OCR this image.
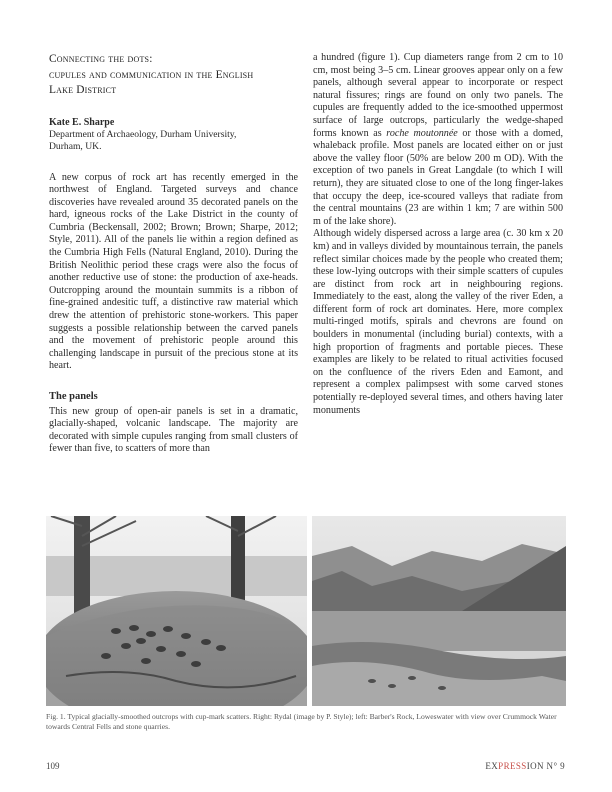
Connecting the dots:
cupules and communication in the English
Lake District

Kate E. Sharpe

Department of Archaeology, Durham University,
Durham, UK.

A new corpus of rock art has recently emerged in the northwest of England. Targeted surveys and chance discoveries have revealed around 35 decorated panels on the hard, igneous rocks of the Lake District in the county of Cumbria (Beckensall, 2002; Brown; Brown; Sharpe, 2012; Style, 2011). All of the panels lie within a region defined as the Cumbria High Fells (Natural England, 2010). During the British Neolithic period these crags were also the focus of another reductive use of stone: the production of axe-heads. Outcropping around the mountain summits is a ribbon of fine-grained andesitic tuff, a distinctive raw material which drew the attention of prehistoric stone-workers. This paper suggests a possible relationship between the carved panels and the movement of prehistoric people around this challenging landscape in pursuit of the precious stone at its heart.

The panels

This new group of open-air panels is set in a dramatic, glacially-shaped, volcanic landscape. The majority are decorated with simple cupules ranging from small clusters of fewer than five, to scatters of more than

a hundred (figure 1). Cup diameters range from 2 cm to 10 cm, most being 3–5 cm. Linear grooves appear only on a few panels, although several appear to incorporate or respect natural fissures; rings are found on only two panels. The cupules are frequently added to the ice-smoothed uppermost surface of large outcrops, particularly the wedge-shaped forms known as roche moutonnée or those with a domed, whaleback profile. Most panels are located either on or just above the valley floor (50% are below 200 m OD). With the exception of two panels in Great Langdale (to which I will return), they are situated close to one of the long finger-lakes that occupy the deep, ice-scoured valleys that radiate from the central mountains (23 are within 1 km; 7 are within 500 m of the lake shore).

Although widely dispersed across a large area (c. 30 km x 20 km) and in valleys divided by mountainous terrain, the panels reflect similar choices made by the people who created them; these low-lying outcrops with their simple scatters of cupules are distinct from rock art in neighbouring regions. Immediately to the east, along the valley of the river Eden, a different form of rock art dominates. Here, more complex multi-ringed motifs, spirals and chevrons are found on boulders in monumental (including burial) contexts, with a high proportion of fragments and portable pieces. These examples are likely to be related to ritual activities focused on the confluence of the rivers Eden and Eamont, and represent a complex palimpsest with some carved stones potentially re-deployed several times, and others having later monuments

Fig. 1. Typical glacially-smoothed outcrops with cup-mark scatters. Right: Rydal (image by P. Style); left: Barber's Rock, Loweswater with view over Crummock Water towards Central Fells and stone quarries.
109	EXPRESSION N° 9
